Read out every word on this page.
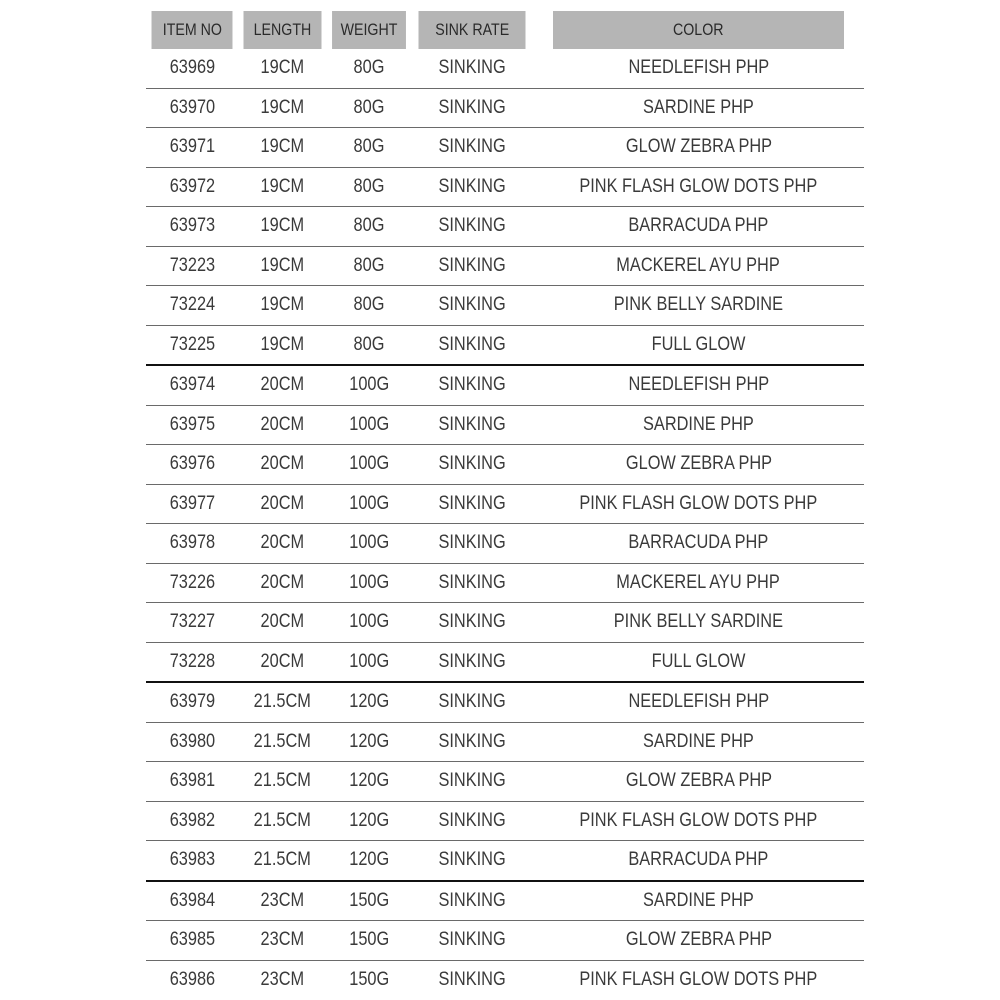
ITEM NO	LENGTH	WEIGHT	SINK RATE	COLOR
63969	19CM	80G	SINKING	NEEDLEFISH PHP
63970	19CM	80G	SINKING	SARDINE PHP
63971	19CM	80G	SINKING	GLOW ZEBRA PHP
63972	19CM	80G	SINKING	PINK FLASH GLOW DOTS PHP
63973	19CM	80G	SINKING	BARRACUDA PHP
73223	19CM	80G	SINKING	MACKEREL AYU PHP
73224	19CM	80G	SINKING	PINK BELLY SARDINE
73225	19CM	80G	SINKING	FULL GLOW
63974	20CM	100G	SINKING	NEEDLEFISH PHP
63975	20CM	100G	SINKING	SARDINE PHP
63976	20CM	100G	SINKING	GLOW ZEBRA PHP
63977	20CM	100G	SINKING	PINK FLASH GLOW DOTS PHP
63978	20CM	100G	SINKING	BARRACUDA PHP
73226	20CM	100G	SINKING	MACKEREL AYU PHP
73227	20CM	100G	SINKING	PINK BELLY SARDINE
73228	20CM	100G	SINKING	FULL GLOW
63979	21.5CM	120G	SINKING	NEEDLEFISH PHP
63980	21.5CM	120G	SINKING	SARDINE PHP
63981	21.5CM	120G	SINKING	GLOW ZEBRA PHP
63982	21.5CM	120G	SINKING	PINK FLASH GLOW DOTS PHP
63983	21.5CM	120G	SINKING	BARRACUDA PHP
63984	23CM	150G	SINKING	SARDINE PHP
63985	23CM	150G	SINKING	GLOW ZEBRA PHP
63986	23CM	150G	SINKING	PINK FLASH GLOW DOTS PHP
